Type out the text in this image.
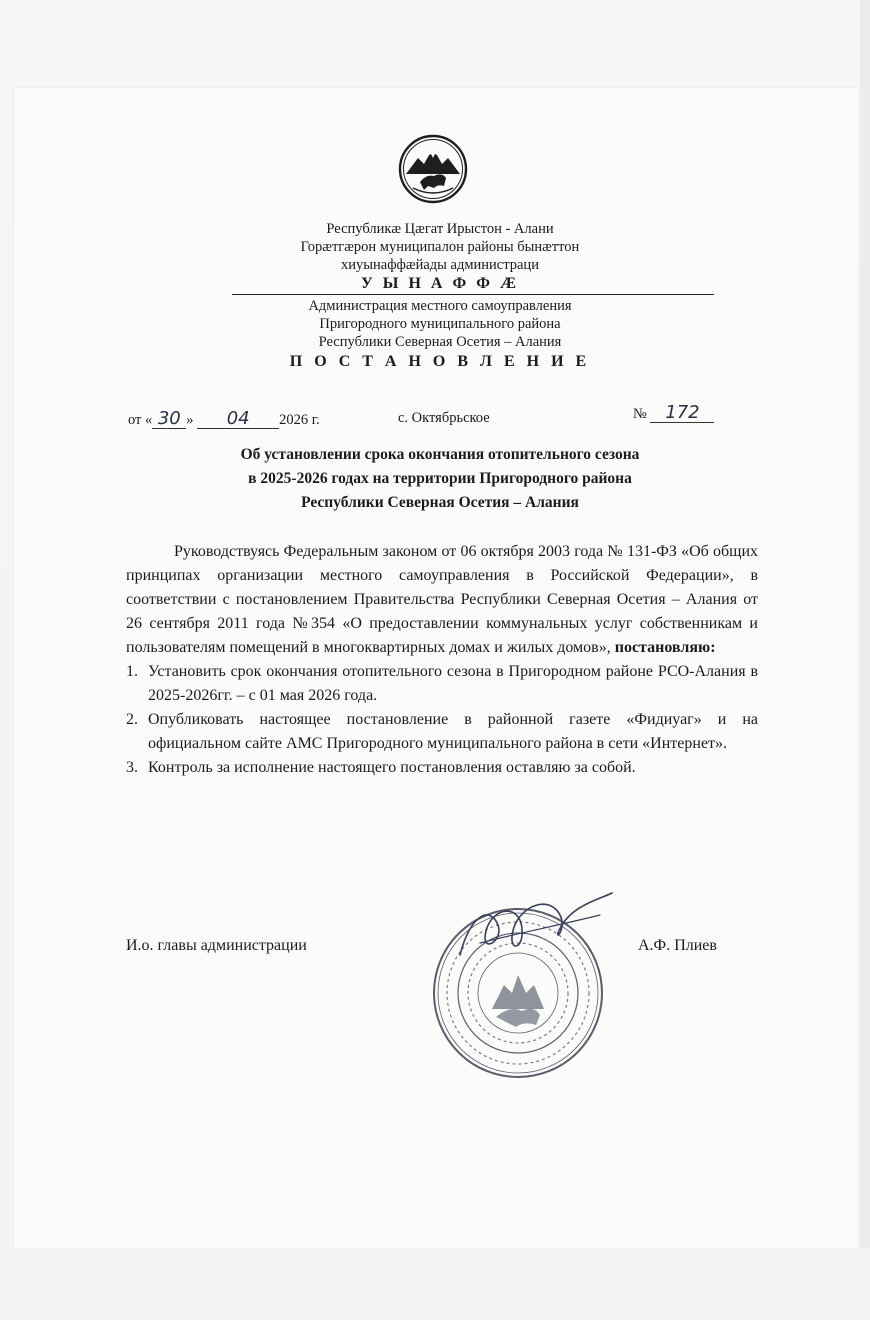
Республикæ Цæгат Ирыстон - Алани
Горæтгæрон муниципалон районы бынæттон
хиуынаффæйады администраци
У Ы Н А Ф Ф Æ
Администрация местного самоуправления
Пригородного муниципального района
Республики Северная Осетия – Алания
П О С Т А Н О В Л Е Н И Е
от « 30 » 04 2026 г.	с. Октябрьское	№ 172
Об установлении срока окончания отопительного сезона
в 2025-2026 годах на территории Пригородного района
Республики Северная Осетия – Алания

Руководствуясь Федеральным законом от 06 октября 2003 года № 131-ФЗ «Об общих принципах организации местного самоуправления в Российской Федерации», в соответствии с постановлением Правительства Республики Северная Осетия – Алания от 26 сентября 2011 года №354 «О предоставлении коммунальных услуг собственникам и пользователям помещений в многоквартирных домах и жилых домов», постановляю:

1. Установить срок окончания отопительного сезона в Пригородном районе РСО-Алания в 2025-2026гг. – с 01 мая 2026 года.
2. Опубликовать настоящее постановление в районной газете «Фидиуаг» и на официальном сайте АМС Пригородного муниципального района в сети «Интернет».
3. Контроль за исполнение настоящего постановления оставляю за собой.
И.о. главы администрации	А.Ф. Плиев
